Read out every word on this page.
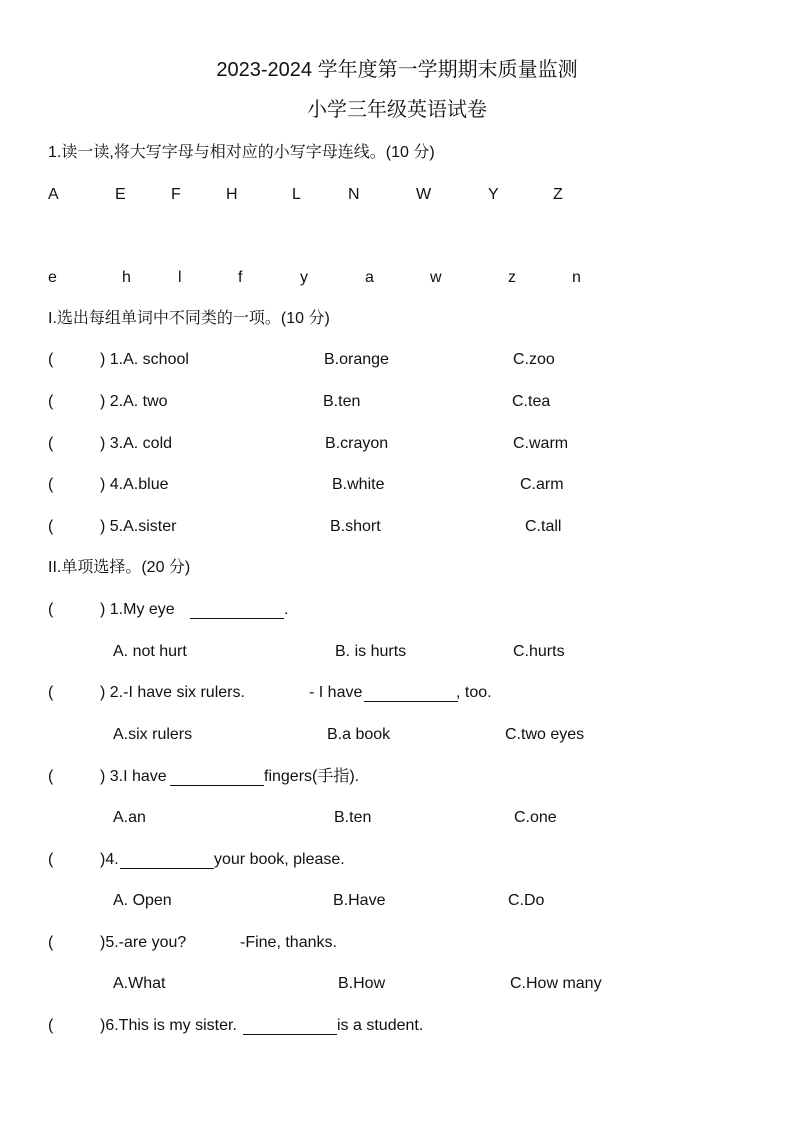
2023-2024 学年度第一学期期末质量监测
小学三年级英语试卷
1.读一读,将大写字母与相对应的小写字母连线。(10 分)
A	E	F	H	L	N	W	Y	Z
e	h	l	f	y	a	w	z	n
I.选出每组单词中不同类的一项。(10 分)
(	) 1.A. school	B.orange	C.zoo
(	) 2.A. two	B.ten	C.tea
(	) 3.A. cold	B.crayon	C.warm
(	) 4.A.blue	B.white	C.arm
(	) 5.A.sister	B.short	C.tall
II.单项选择。(20 分)
(	) 1.My eye	.
A. not hurt	B. is hurts	C.hurts
(	) 2.-I have six rulers.	- I have	, too.
A.six rulers	B.a book	C.two eyes
(	) 3.I have	fingers(手指).
A.an	B.ten	C.one
(	)4.	your book, please.
A. Open	B.Have	C.Do
(	)5.-are you?	-Fine, thanks.
A.What	B.How	C.How many
(	)6.This is my sister.	is a student.
